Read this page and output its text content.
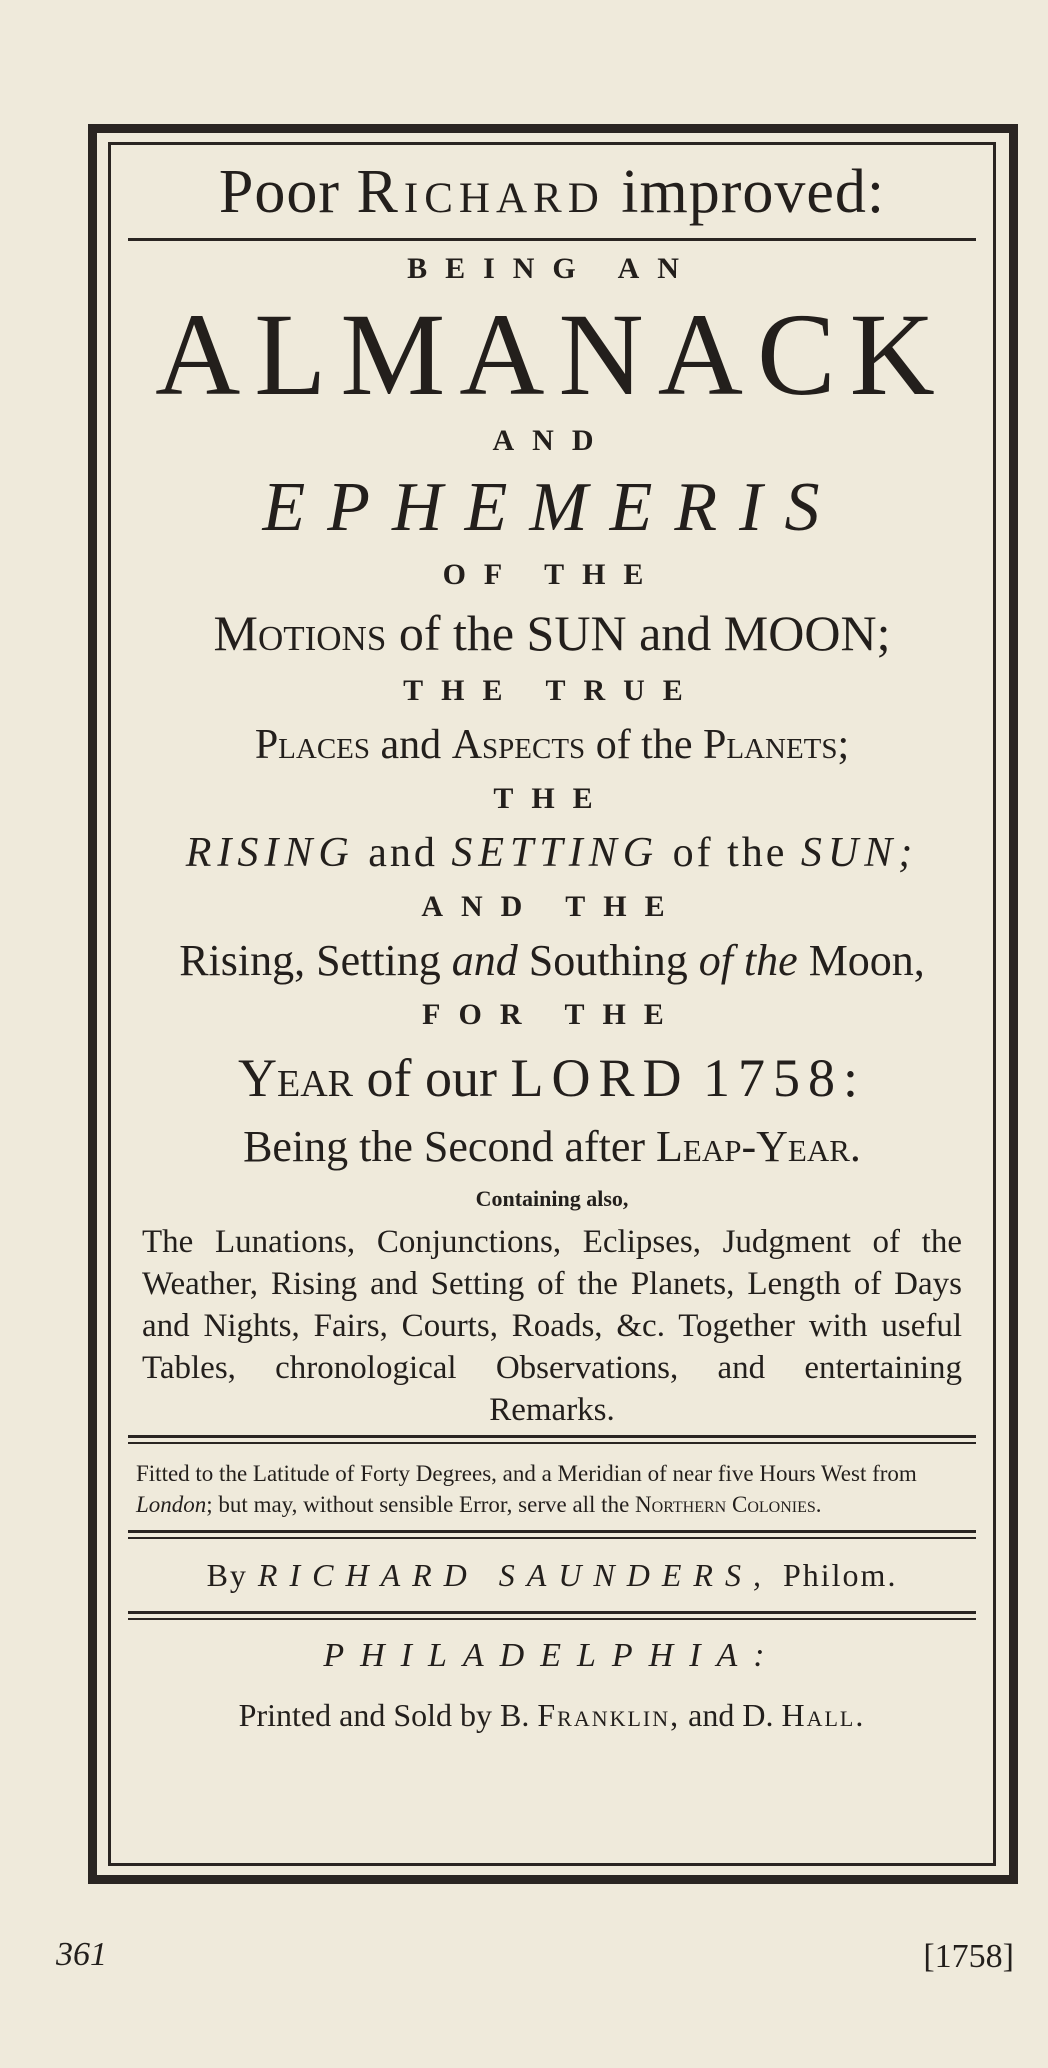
Poor Richard improved:
BEING AN
ALMANACK
AND
EPHEMERIS
OF THE
Motions of the SUN and MOON;
THE TRUE
Places and Aspects of the Planets;
THE
RISING and SETTING of the SUN;
AND THE
Rising, Setting and Southing of the Moon,
FOR THE
Year of our LORD 1758:
Being the Second after Leap-Year.
Containing also,
The Lunations, Conjunctions, Eclipses, Judgment of the Weather, Rising and Setting of the Planets, Length of Days and Nights, Fairs, Courts, Roads, &c. Together with useful Tables, chronological Observations, and entertaining Remarks.
Fitted to the Latitude of Forty Degrees, and a Meridian of near five Hours West from London; but may, without sensible Error, serve all the Northern Colonies.
By RICHARD SAUNDERS, Philom.
PHILADELPHIA:
Printed and Sold by B. Franklin, and D. Hall.
361	[1758]
